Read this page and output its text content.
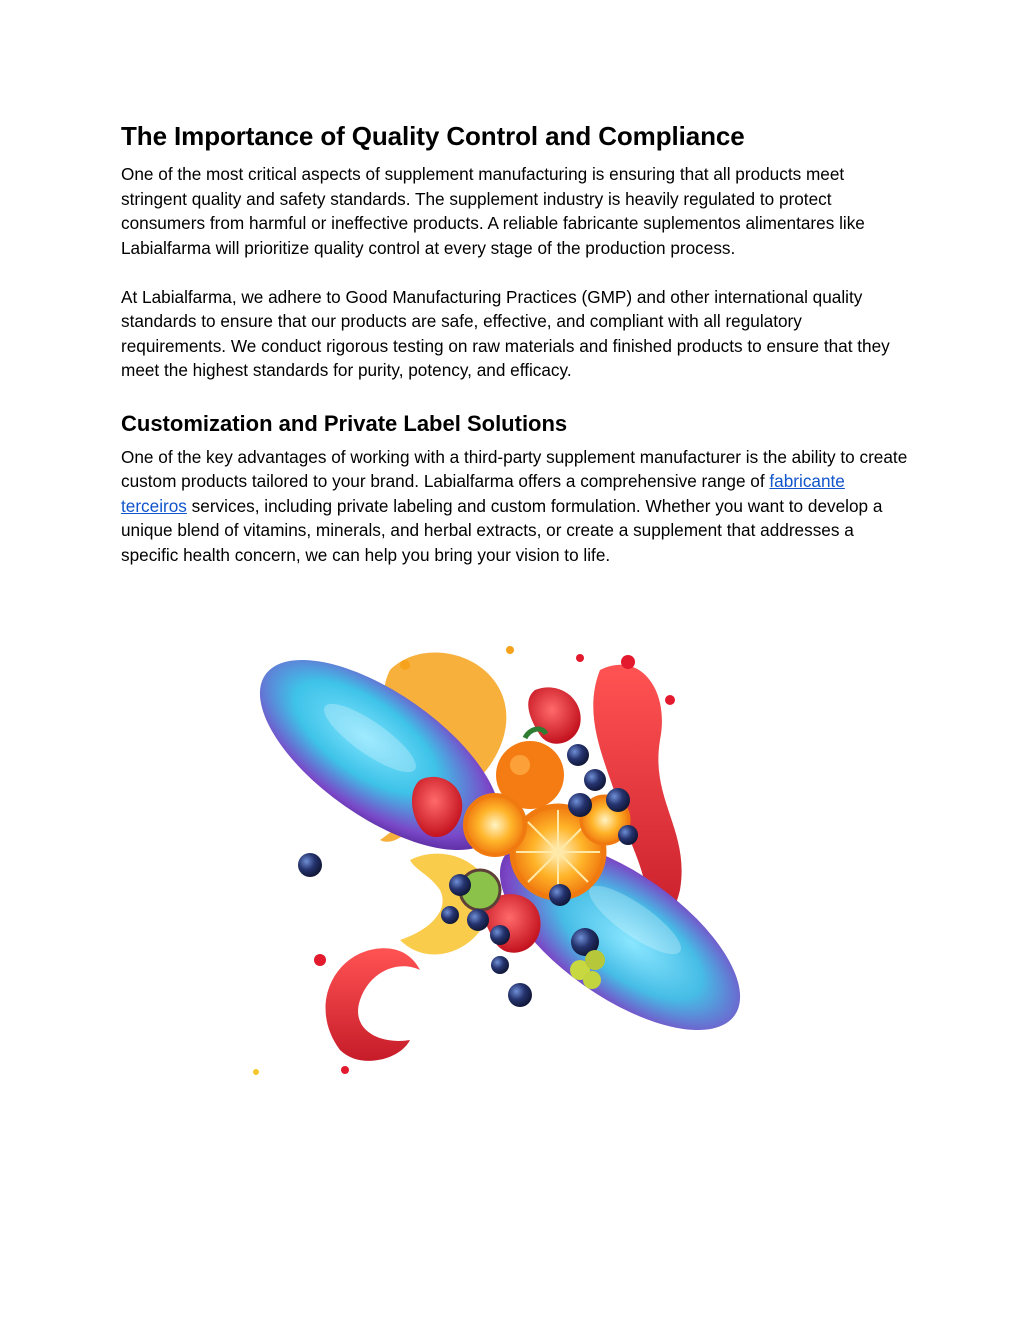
The Importance of Quality Control and Compliance

One of the most critical aspects of supplement manufacturing is ensuring that all products meet stringent quality and safety standards. The supplement industry is heavily regulated to protect consumers from harmful or ineffective products. A reliable fabricante suplementos alimentares like Labialfarma will prioritize quality control at every stage of the production process.

At Labialfarma, we adhere to Good Manufacturing Practices (GMP) and other international quality standards to ensure that our products are safe, effective, and compliant with all regulatory requirements. We conduct rigorous testing on raw materials and finished products to ensure that they meet the highest standards for purity, potency, and efficacy.

Customization and Private Label Solutions

One of the key advantages of working with a third-party supplement manufacturer is the ability to create custom products tailored to your brand. Labialfarma offers a comprehensive range of fabricante terceiros services, including private labeling and custom formulation. Whether you want to develop a unique blend of vitamins, minerals, and herbal extracts, or create a supplement that addresses a specific health concern, we can help you bring your vision to life.
